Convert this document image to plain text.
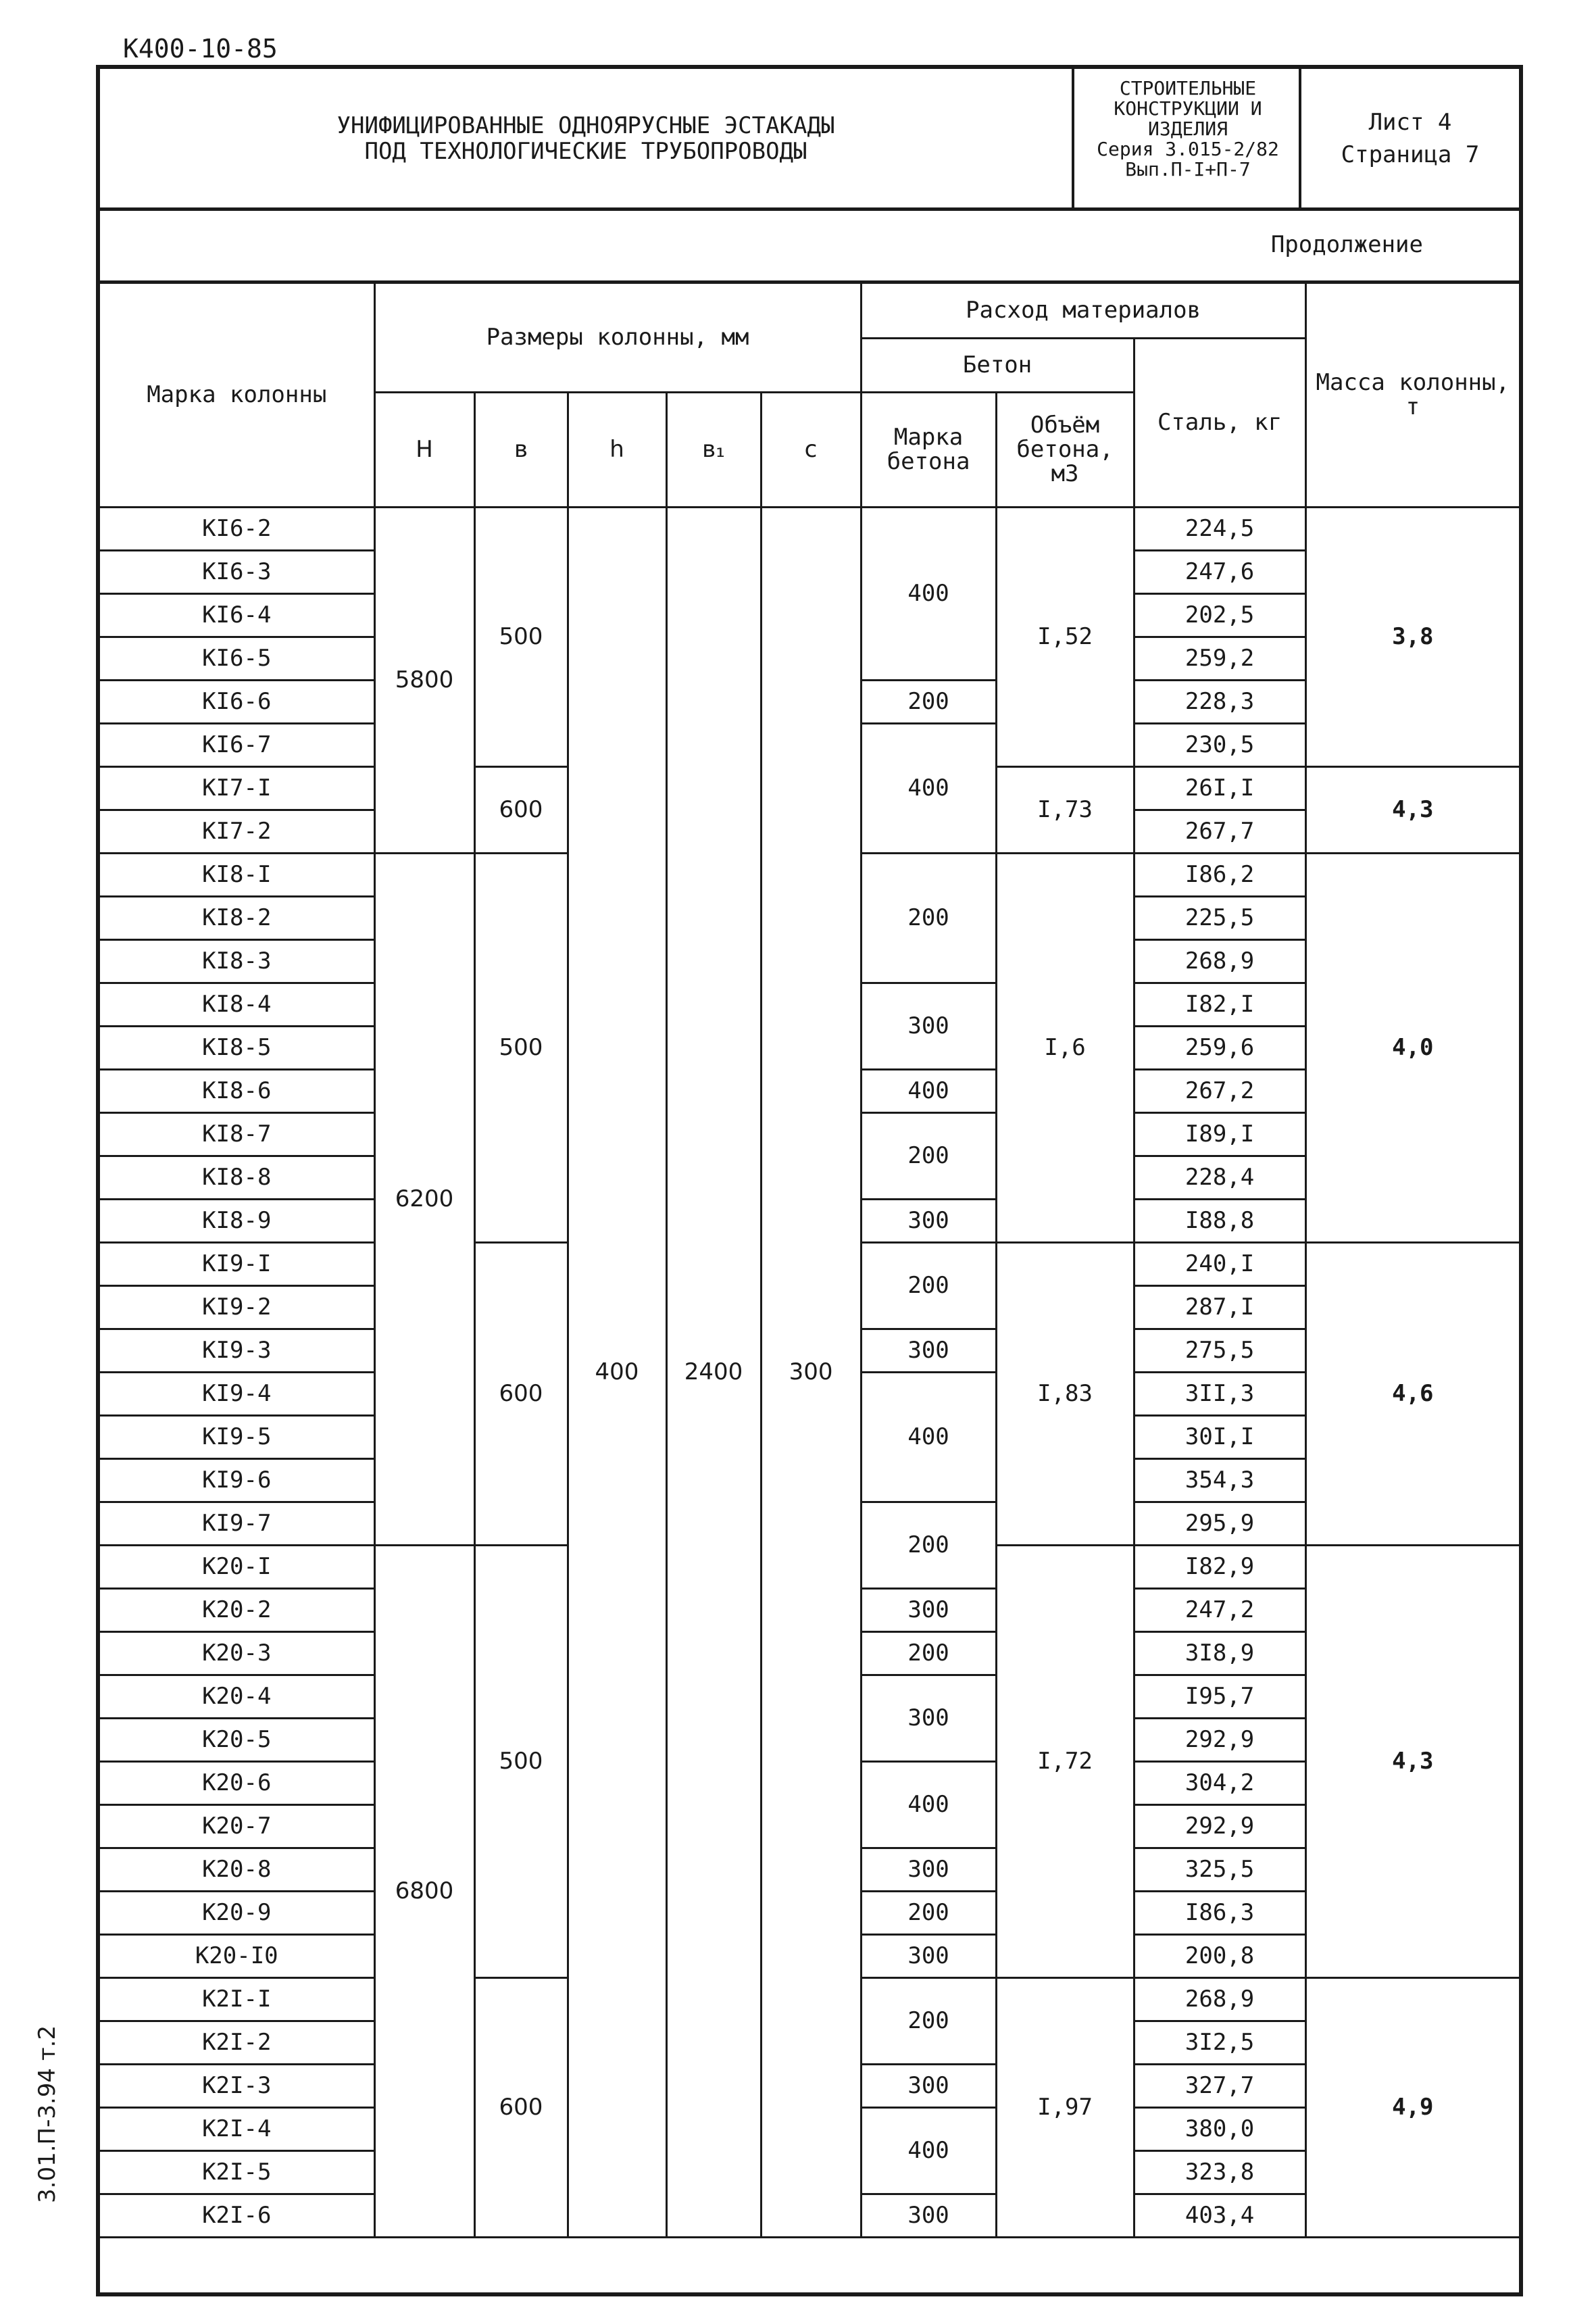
К400-10-85
3.01.П-3.94 т.2
УНИФИЦИРОВАННЫЕ ОДНОЯРУСНЫЕ ЭСТАКАДЫ
ПОД ТЕХНОЛОГИЧЕСКИЕ ТРУБОПРОВОДЫ
СТРОИТЕЛЬНЫЕ
КОНСТРУКЦИИ И
ИЗДЕЛИЯ
Серия 3.015-2/82
Вып.П-I+П-7
Лист 4
Страница 7
Продолжение
Марка колонны	Размеры колонны, мм					Расход материалов			Масса колонны, т
						Бетон		Сталь, кг	
	H	в	h	в₁	c	Марка бетона	Объём бетона, м3		
КI6-2	5800	500	400	2400	300	400	I,52	224,5	3,8
КI6-3								247,6	
КI6-4								202,5	
КI6-5								259,2	
КI6-6						200		228,3	
КI6-7						400		230,5	
КI7-I		600					I,73	26I,I	4,3
КI7-2								267,7	
КI8-I	6200	500				200	I,6	I86,2	4,0
КI8-2								225,5	
КI8-3								268,9	
КI8-4						300		I82,I	
КI8-5								259,6	
КI8-6						400		267,2	
КI8-7						200		I89,I	
КI8-8								228,4	
КI8-9						300		I88,8	
КI9-I		600				200	I,83	240,I	4,6
КI9-2								287,I	
КI9-3						300		275,5	
КI9-4						400		3II,3	
КI9-5								30I,I	
КI9-6								354,3	
КI9-7						200		295,9	
К20-I	6800	500					I,72	I82,9	4,3
К20-2						300		247,2	
К20-3						200		3I8,9	
К20-4						300		I95,7	
К20-5								292,9	
К20-6						400		304,2	
К20-7								292,9	
К20-8						300		325,5	
К20-9						200		I86,3	
К20-I0						300		200,8	
К2I-I		600				200	I,97	268,9	4,9
К2I-2								3I2,5	
К2I-3						300		327,7	
К2I-4						400		380,0	
К2I-5								323,8	
К2I-6						300		403,4	
